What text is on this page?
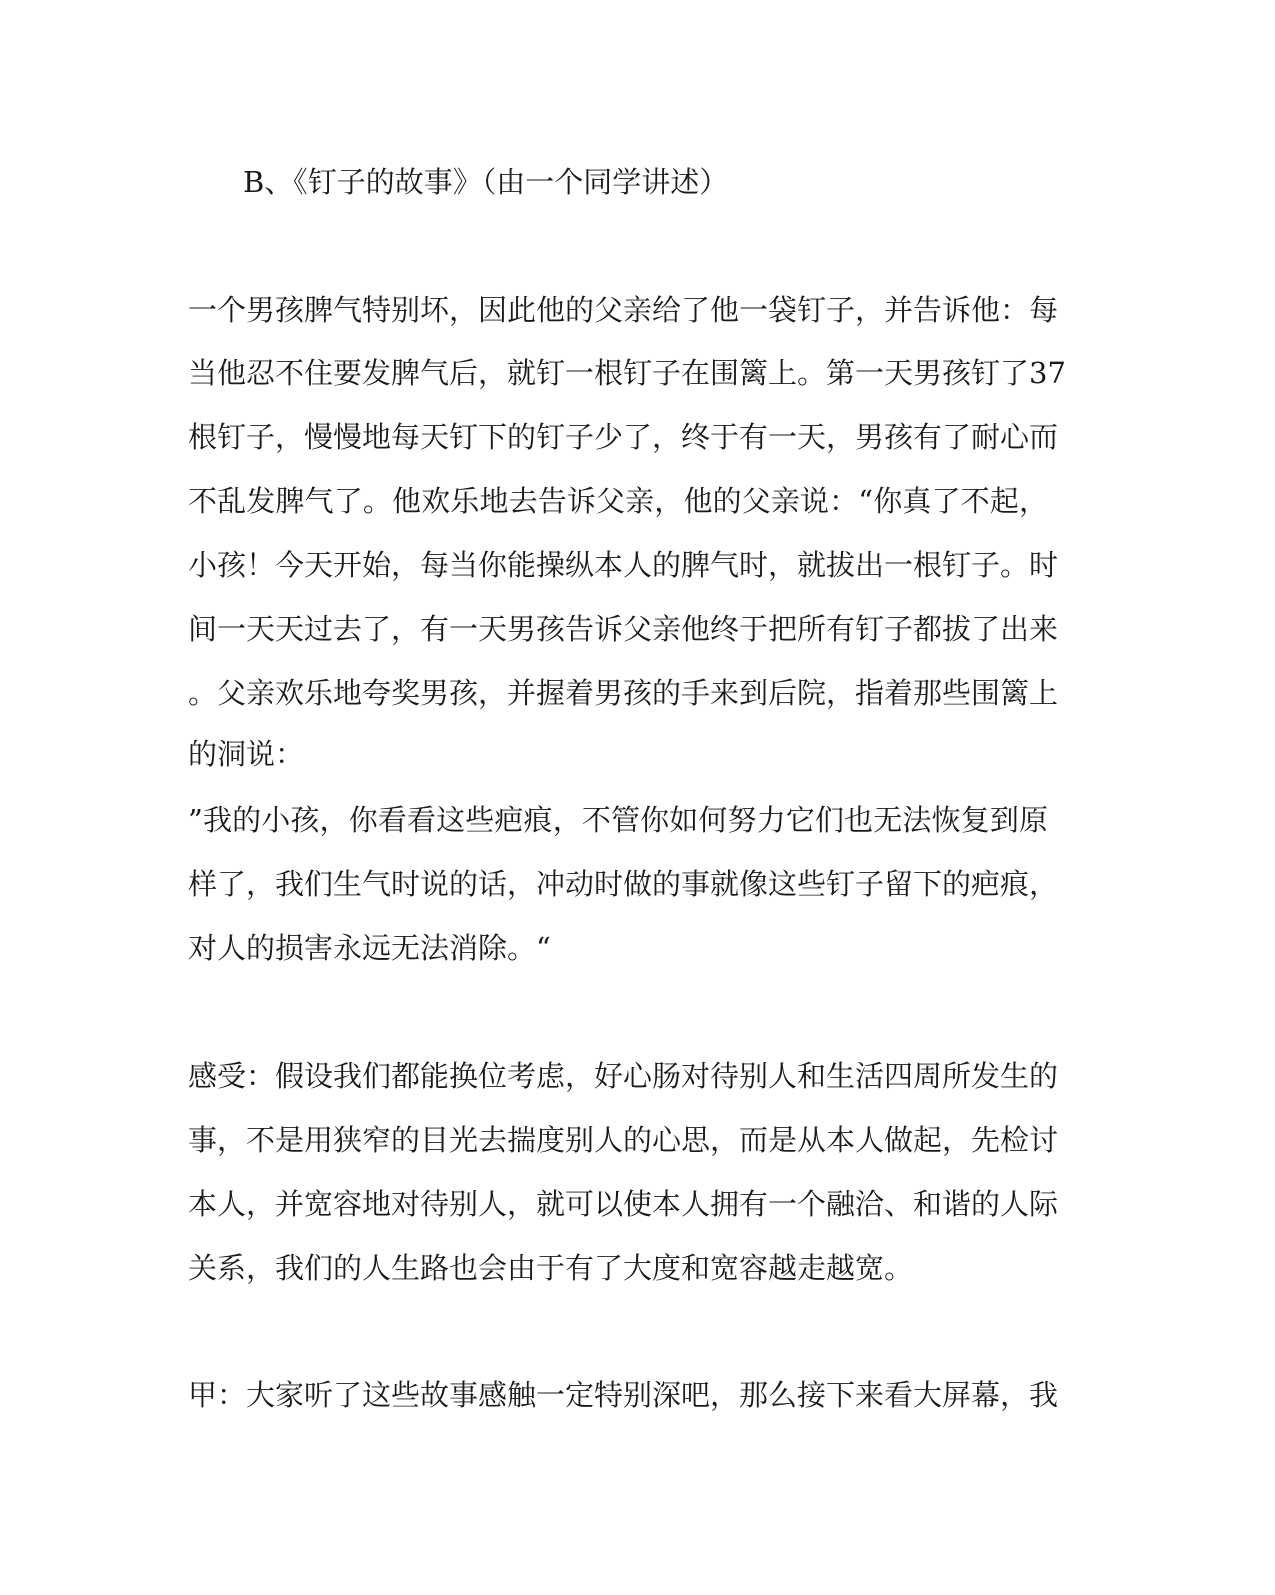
B、《钉子的故事》（由一个同学讲述）
一个男孩脾气特别坏，因此他的父亲给了他一袋钉子，并告诉他：每
当他忍不住要发脾气后，就钉一根钉子在围篱上。第一天男孩钉了37
根钉子，慢慢地每天钉下的钉子少了，终于有一天，男孩有了耐心而
不乱发脾气了。他欢乐地去告诉父亲，他的父亲说：“你真了不起，
小孩！今天开始，每当你能操纵本人的脾气时，就拔出一根钉子。时
间一天天过去了，有一天男孩告诉父亲他终于把所有钉子都拔了出来
。父亲欢乐地夸奖男孩，并握着男孩的手来到后院，指着那些围篱上
的洞说：
”我的小孩，你看看这些疤痕，不管你如何努力它们也无法恢复到原
样了，我们生气时说的话，冲动时做的事就像这些钉子留下的疤痕，
对人的损害永远无法消除。“
感受：假设我们都能换位考虑，好心肠对待别人和生活四周所发生的
事，不是用狭窄的目光去揣度别人的心思，而是从本人做起，先检讨
本人，并宽容地对待别人，就可以使本人拥有一个融洽、和谐的人际
关系，我们的人生路也会由于有了大度和宽容越走越宽。
甲：大家听了这些故事感触一定特别深吧，那么接下来看大屏幕，我
